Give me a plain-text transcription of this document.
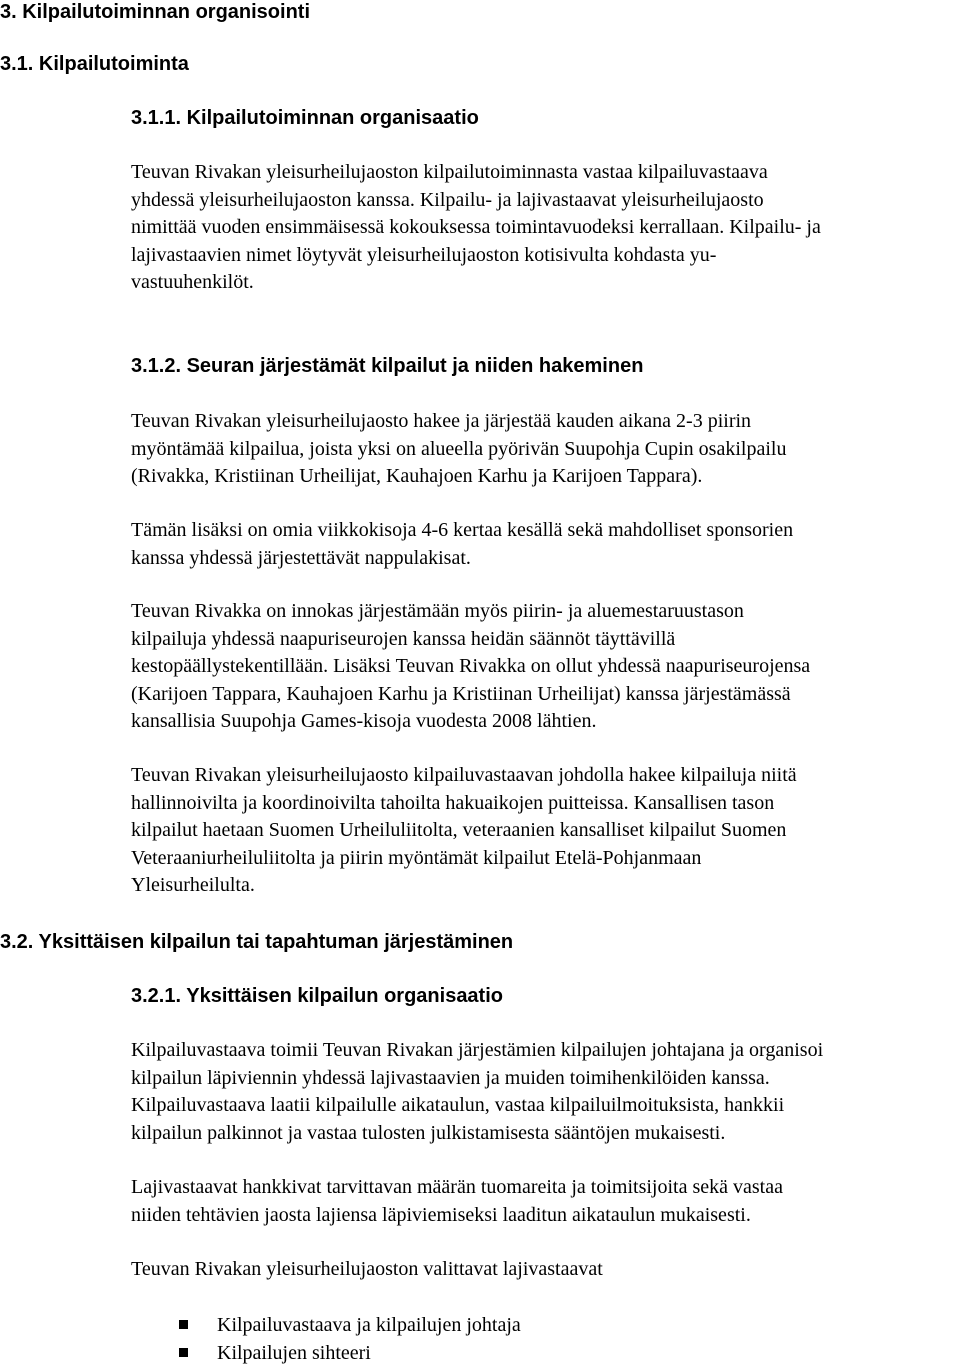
3. Kilpailutoiminnan organisointi
3.1. Kilpailutoiminta
3.1.1. Kilpailutoiminnan organisaatio
Teuvan Rivakan yleisurheilujaoston kilpailutoiminnasta vastaa kilpailuvastaava
yhdessä yleisurheilujaoston kanssa. Kilpailu- ja lajivastaavat yleisurheilujaosto
nimittää vuoden ensimmäisessä kokouksessa toimintavuodeksi kerrallaan. Kilpailu- ja
lajivastaavien nimet löytyvät yleisurheilujaoston kotisivulta kohdasta yu-
vastuuhenkilöt.
3.1.2. Seuran järjestämät kilpailut ja niiden hakeminen
Teuvan Rivakan yleisurheilujaosto hakee ja järjestää kauden aikana 2-3 piirin
myöntämää kilpailua, joista yksi on alueella pyörivän Suupohja Cupin osakilpailu
(Rivakka, Kristiinan Urheilijat, Kauhajoen Karhu ja Karijoen Tappara).
Tämän lisäksi on omia viikkokisoja 4-6 kertaa kesällä sekä mahdolliset sponsorien
kanssa yhdessä järjestettävät nappulakisat.
Teuvan Rivakka on innokas järjestämään myös piirin- ja aluemestaruustason
kilpailuja yhdessä naapuriseurojen kanssa heidän säännöt täyttävillä
kestopäällystekentillään. Lisäksi Teuvan Rivakka on ollut yhdessä naapuriseurojensa
(Karijoen Tappara, Kauhajoen Karhu ja Kristiinan Urheilijat) kanssa järjestämässä
kansallisia Suupohja Games-kisoja vuodesta 2008 lähtien.
Teuvan Rivakan yleisurheilujaosto kilpailuvastaavan johdolla hakee kilpailuja niitä
hallinnoivilta ja koordinoivilta tahoilta hakuaikojen puitteissa. Kansallisen tason
kilpailut haetaan Suomen Urheiluliitolta, veteraanien kansalliset kilpailut Suomen
Veteraaniurheiluliitolta ja piirin myöntämät kilpailut Etelä-Pohjanmaan
Yleisurheilulta.
3.2. Yksittäisen kilpailun tai tapahtuman järjestäminen
3.2.1. Yksittäisen kilpailun organisaatio
Kilpailuvastaava toimii Teuvan Rivakan järjestämien kilpailujen johtajana ja organisoi
kilpailun läpiviennin yhdessä lajivastaavien ja muiden toimihenkilöiden kanssa.
Kilpailuvastaava laatii kilpailulle aikataulun, vastaa kilpailuilmoituksista, hankkii
kilpailun palkinnot ja vastaa tulosten julkistamisesta sääntöjen mukaisesti.
Lajivastaavat hankkivat tarvittavan määrän tuomareita ja toimitsijoita sekä vastaa
niiden tehtävien jaosta lajiensa läpiviemiseksi laaditun aikataulun mukaisesti.
Teuvan Rivakan yleisurheilujaoston valittavat lajivastaavat
Kilpailuvastaava ja kilpailujen johtaja
Kilpailujen sihteeri
